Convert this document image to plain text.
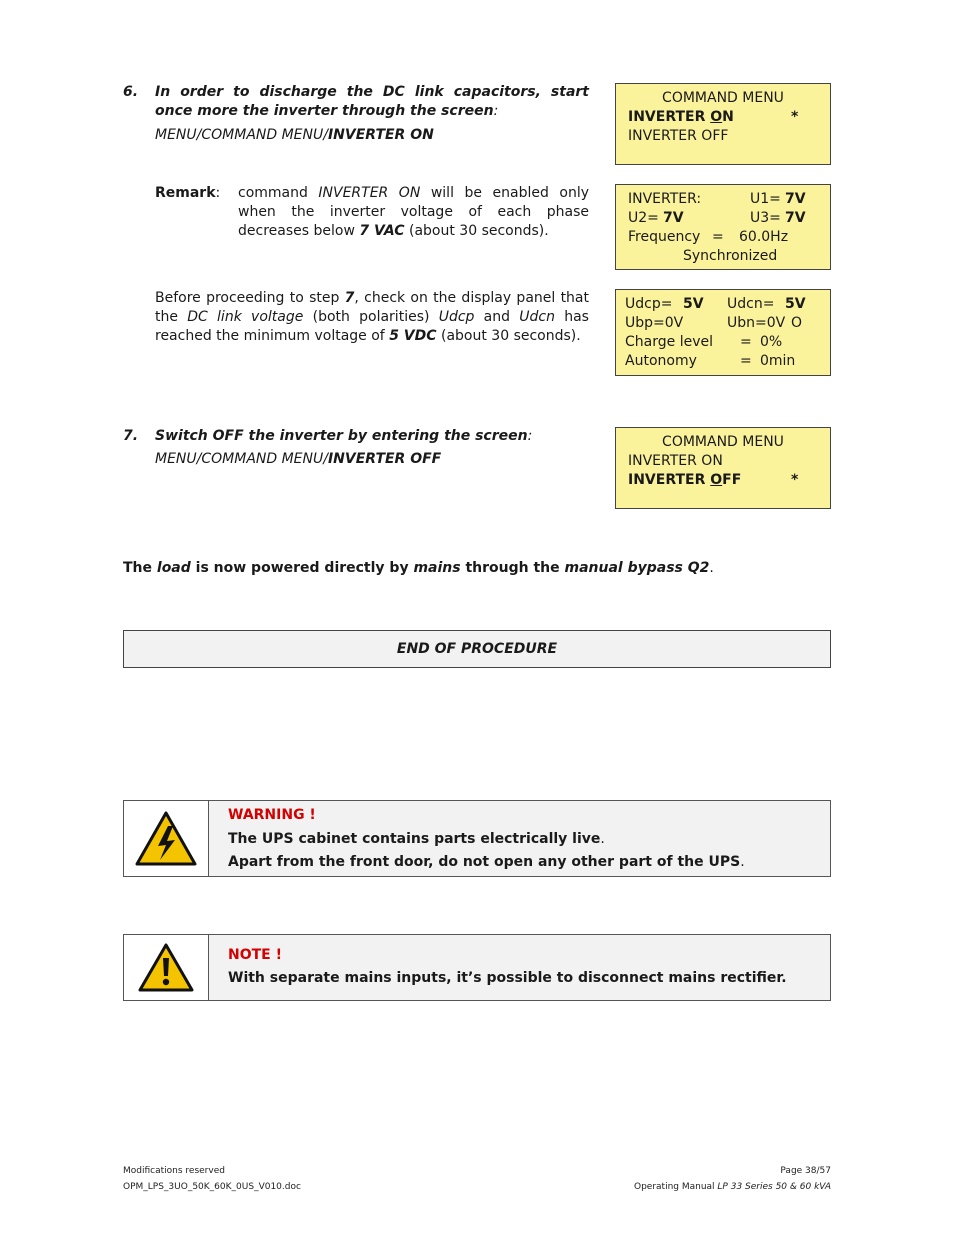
6. In order to discharge the DC link capacitors, start once more the inverter through the screen:
MENU/COMMAND MENU/INVERTER ON
Remark: command INVERTER ON will be enabled only when the inverter voltage of each phase decreases below 7 VAC (about 30 seconds).
Before proceeding to step 7, check on the display panel that the DC link voltage (both polarities) Udcp and Udcn has reached the minimum voltage of 5 VDC (about 30 seconds).
7. Switch OFF the inverter by entering the screen:
MENU/COMMAND MENU/INVERTER OFF
COMMAND MENU
INVERTER ON	*
INVERTER OFF
INVERTER:	U1= 7V
U2= 7V	U3= 7V
Frequency = 60.0Hz
Synchronized
Udcp= 5V Udcn= 5V
Ubp=0V	Ubn=0V O
Charge level = 0%
Autonomy	= 0min
COMMAND MENU
INVERTER ON
INVERTER OFF	*
The load is now powered directly by mains through the manual bypass Q2.
END OF PROCEDURE
WARNING !
The UPS cabinet contains parts electrically live.
Apart from the front door, do not open any other part of the UPS.
NOTE !
With separate mains inputs, it’s possible to disconnect mains rectifier.
Modifications reserved
OPM_LPS_3UO_50K_60K_0US_V010.doc
Page 38/57
Operating Manual LP 33 Series 50 & 60 kVA
